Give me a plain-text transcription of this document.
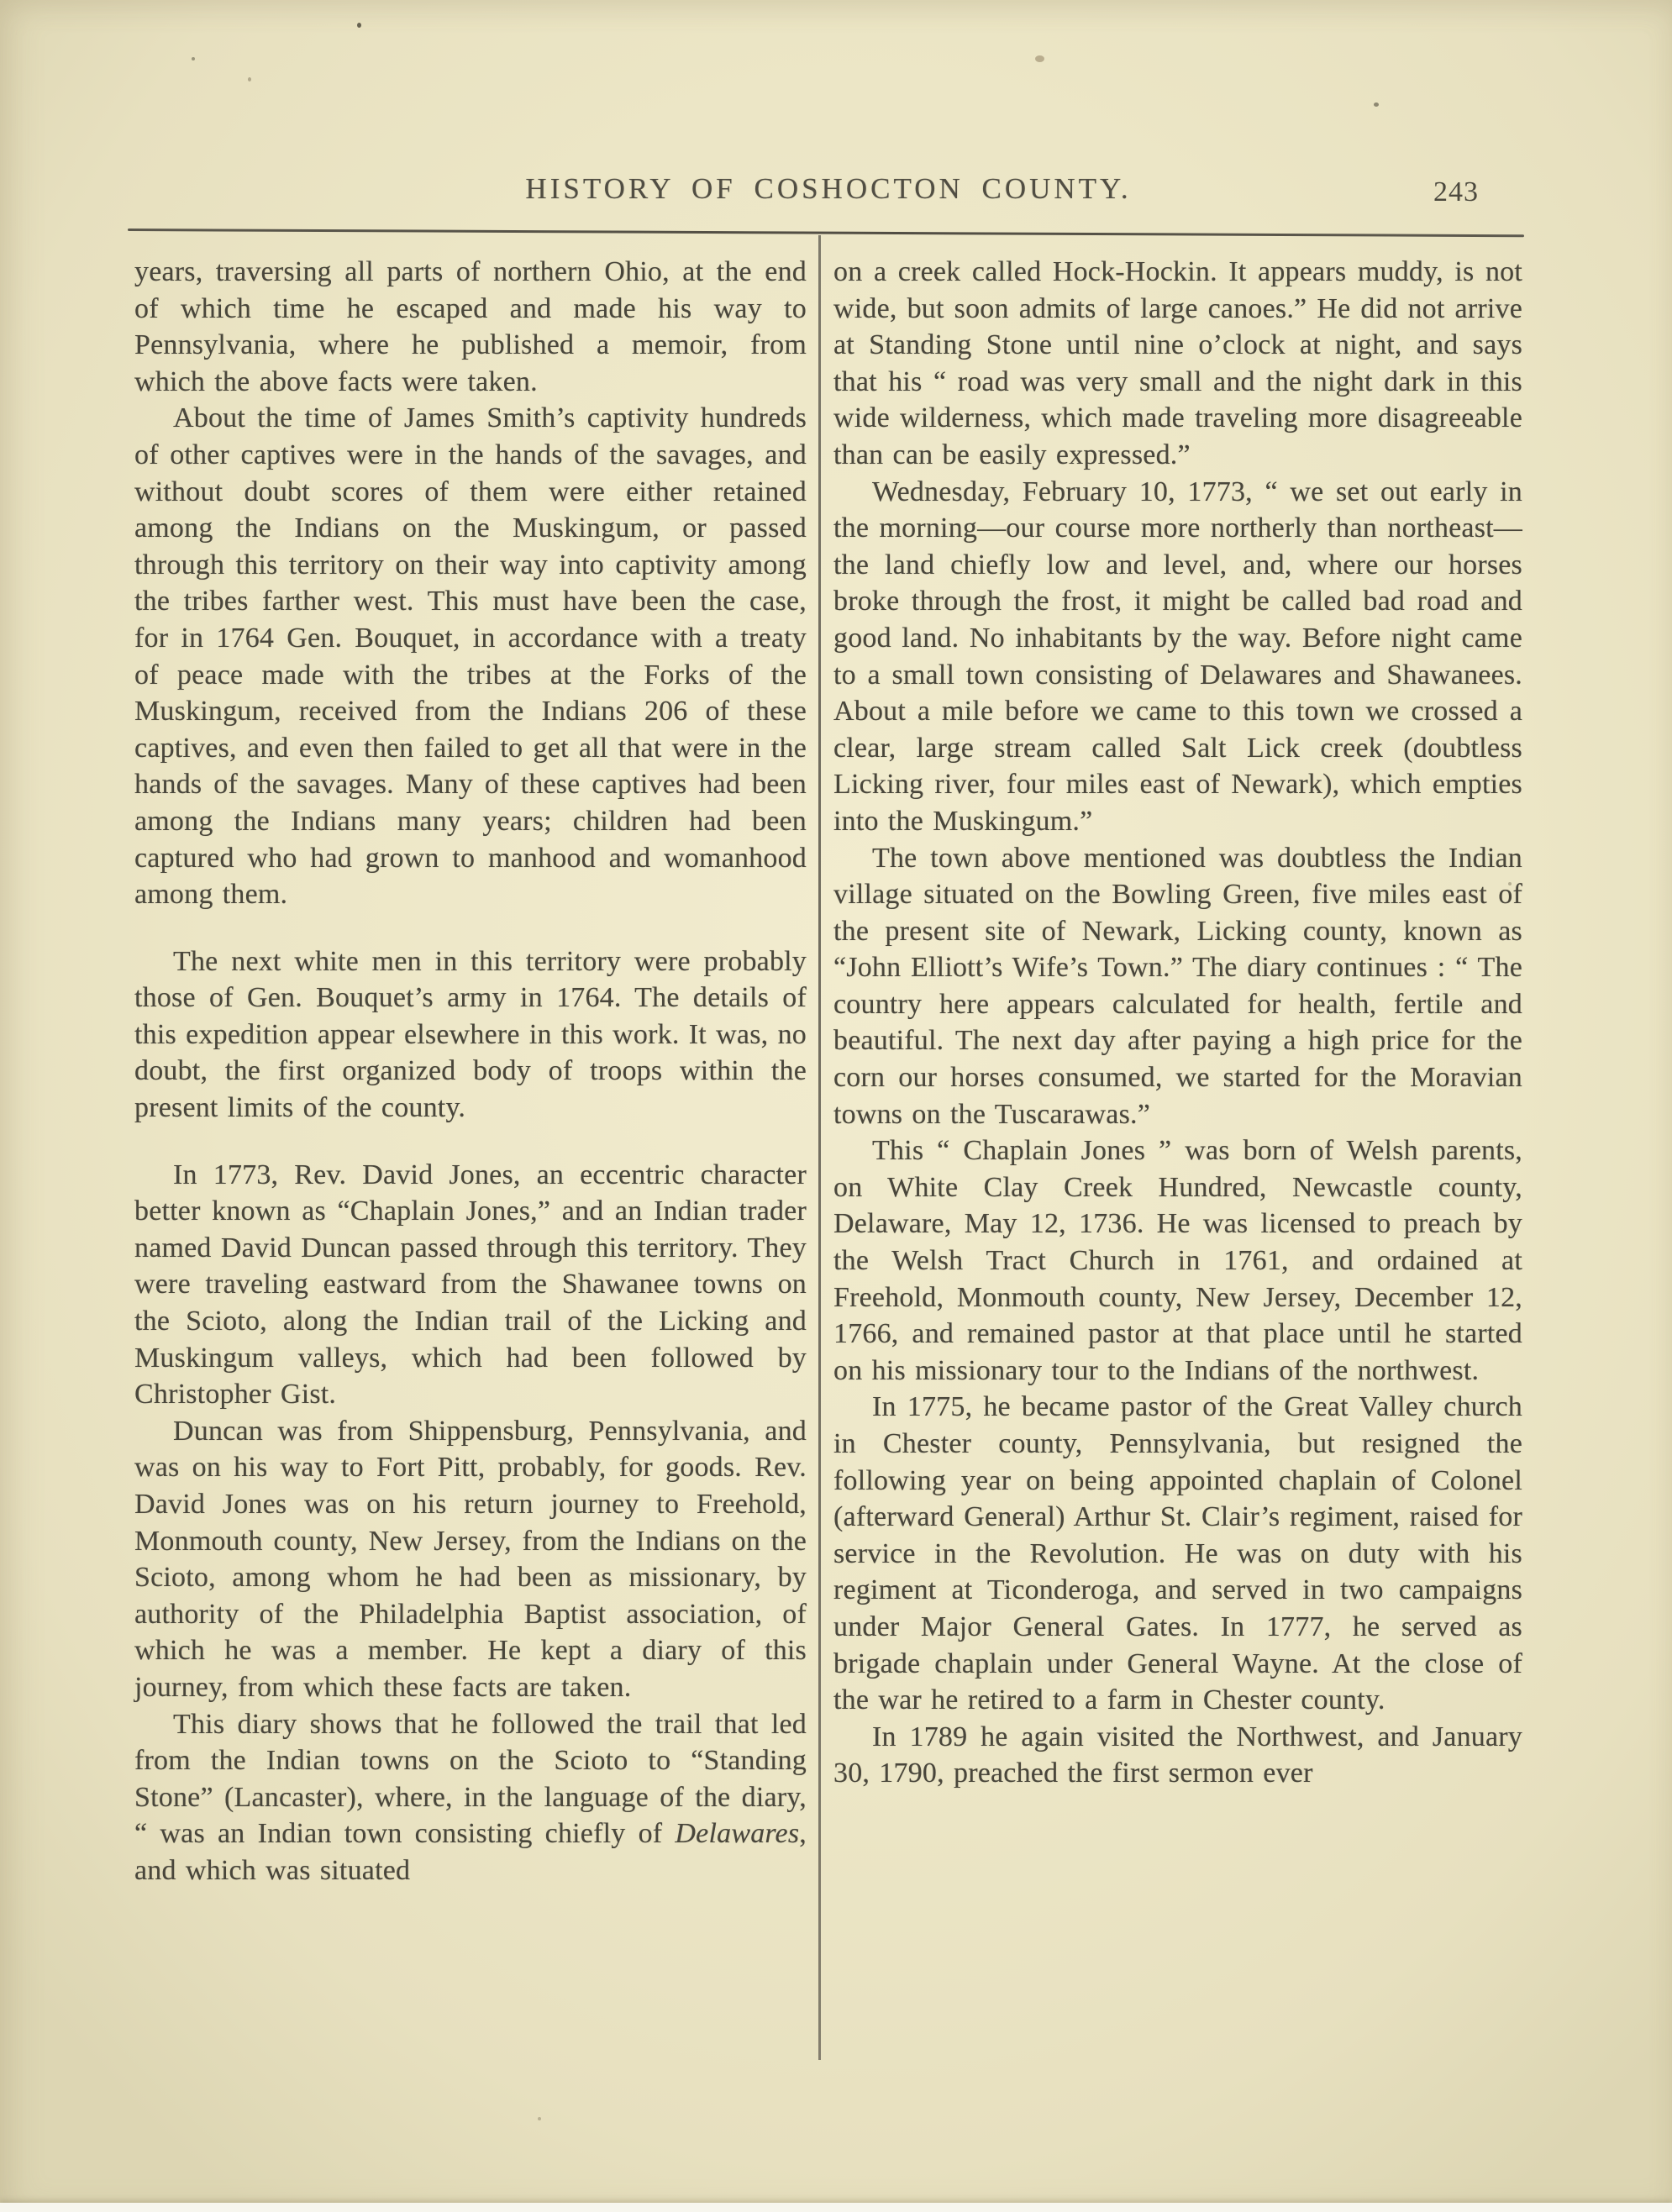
HISTORY OF COSHOCTON COUNTY.	243
years, traversing all parts of northern Ohio, at the end of which time he escaped and made his way to Pennsylvania, where he published a memoir, from which the above facts were taken.
About the time of James Smith’s captivity hundreds of other captives were in the hands of the savages, and without doubt scores of them were either retained among the Indians on the Muskingum, or passed through this territory on their way into captivity among the tribes farther west. This must have been the case, for in 1764 Gen. Bouquet, in accordance with a treaty of peace made with the tribes at the Forks of the Muskingum, received from the Indians 206 of these captives, and even then failed to get all that were in the hands of the savages. Many of these captives had been among the Indians many years; children had been captured who had grown to manhood and womanhood among them.
The next white men in this territory were probably those of Gen. Bouquet’s army in 1764. The details of this expedition appear elsewhere in this work. It was, no doubt, the first organized body of troops within the present limits of the county.
In 1773, Rev. David Jones, an eccentric character better known as “Chaplain Jones,” and an Indian trader named David Duncan passed through this territory. They were traveling eastward from the Shawanee towns on the Scioto, along the Indian trail of the Licking and Muskingum valleys, which had been followed by Christopher Gist.
Duncan was from Shippensburg, Pennsylvania, and was on his way to Fort Pitt, probably, for goods. Rev. David Jones was on his return journey to Freehold, Monmouth county, New Jersey, from the Indians on the Scioto, among whom he had been as missionary, by authority of the Philadelphia Baptist association, of which he was a member. He kept a diary of this journey, from which these facts are taken.
This diary shows that he followed the trail that led from the Indian towns on the Scioto to “Standing Stone” (Lancaster), where, in the language of the diary, “ was an Indian town consisting chiefly of Delawares, and which was situated
on a creek called Hock-Hockin. It appears muddy, is not wide, but soon admits of large canoes.” He did not arrive at Standing Stone until nine o’clock at night, and says that his “ road was very small and the night dark in this wide wilderness, which made traveling more disagreeable than can be easily expressed.”
Wednesday, February 10, 1773, “ we set out early in the morning—our course more northerly than northeast—the land chiefly low and level, and, where our horses broke through the frost, it might be called bad road and good land. No inhabitants by the way. Before night came to a small town consisting of Delawares and Shawanees. About a mile before we came to this town we crossed a clear, large stream called Salt Lick creek (doubtless Licking river, four miles east of Newark), which empties into the Muskingum.”
The town above mentioned was doubtless the Indian village situated on the Bowling Green, five miles east of the present site of Newark, Licking county, known as “John Elliott’s Wife’s Town.” The diary continues : “ The country here appears calculated for health, fertile and beautiful. The next day after paying a high price for the corn our horses consumed, we started for the Moravian towns on the Tuscarawas.”
This “ Chaplain Jones ” was born of Welsh parents, on White Clay Creek Hundred, Newcastle county, Delaware, May 12, 1736. He was licensed to preach by the Welsh Tract Church in 1761, and ordained at Freehold, Monmouth county, New Jersey, December 12, 1766, and remained pastor at that place until he started on his missionary tour to the Indians of the northwest.
In 1775, he became pastor of the Great Valley church in Chester county, Pennsylvania, but resigned the following year on being appointed chaplain of Colonel (afterward General) Arthur St. Clair’s regiment, raised for service in the Revolution. He was on duty with his regiment at Ticonderoga, and served in two campaigns under Major General Gates. In 1777, he served as brigade chaplain under General Wayne. At the close of the war he retired to a farm in Chester county.
In 1789 he again visited the Northwest, and January 30, 1790, preached the first sermon ever
